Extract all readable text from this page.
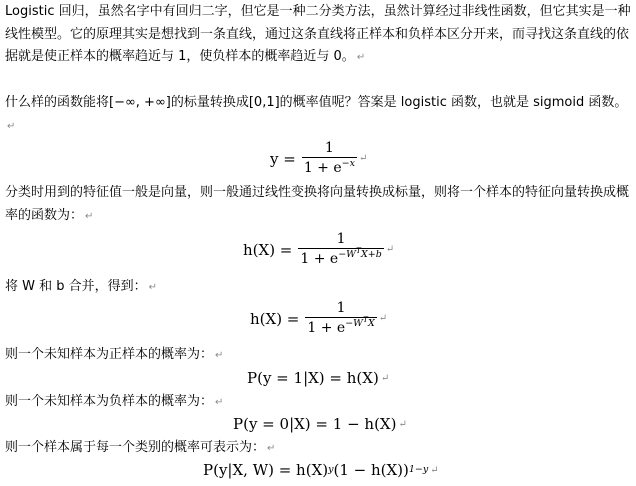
Logistic 回归，虽然名字中有回归二字，但它是一种二分类方法，虽然计算经过非线性函数，但它其实是一种线性模型。它的原理其实是想找到一条直线，通过这条直线将正样本和负样本区分开来，而寻找这条直线的依据就是使正样本的概率趋近与 1，使负样本的概率趋近与 0。 ↵

什么样的函数能将[−∞, +∞]的标量转换成[0,1]的概率值呢？答案是 logistic 函数，也就是 sigmoid 函数。↵

$y = \frac{1}{1 + e^{-x}}$ ↵

分类时用到的特征值一般是向量，则一般通过线性变换将向量转换成标量，则将一个样本的特征向量转换成概率的函数为： ↵

$h(X) = \frac{1}{1 + e^{-W^TX+b}}$ ↵

将 W 和 b 合并，得到： ↵

$h(X) = \frac{1}{1 + e^{-W^TX}}$ ↵

则一个未知样本为正样本的概率为： ↵

P(y = 1|X) = h(X) ↵

则一个未知样本为负样本的概率为： ↵

P(y = 0|X) = 1 − h(X) ↵

则一个样本属于每一个类别的概率可表示为： ↵

P(y|X, W) = h(X) y (1 − h(X)) 1−y ↵
